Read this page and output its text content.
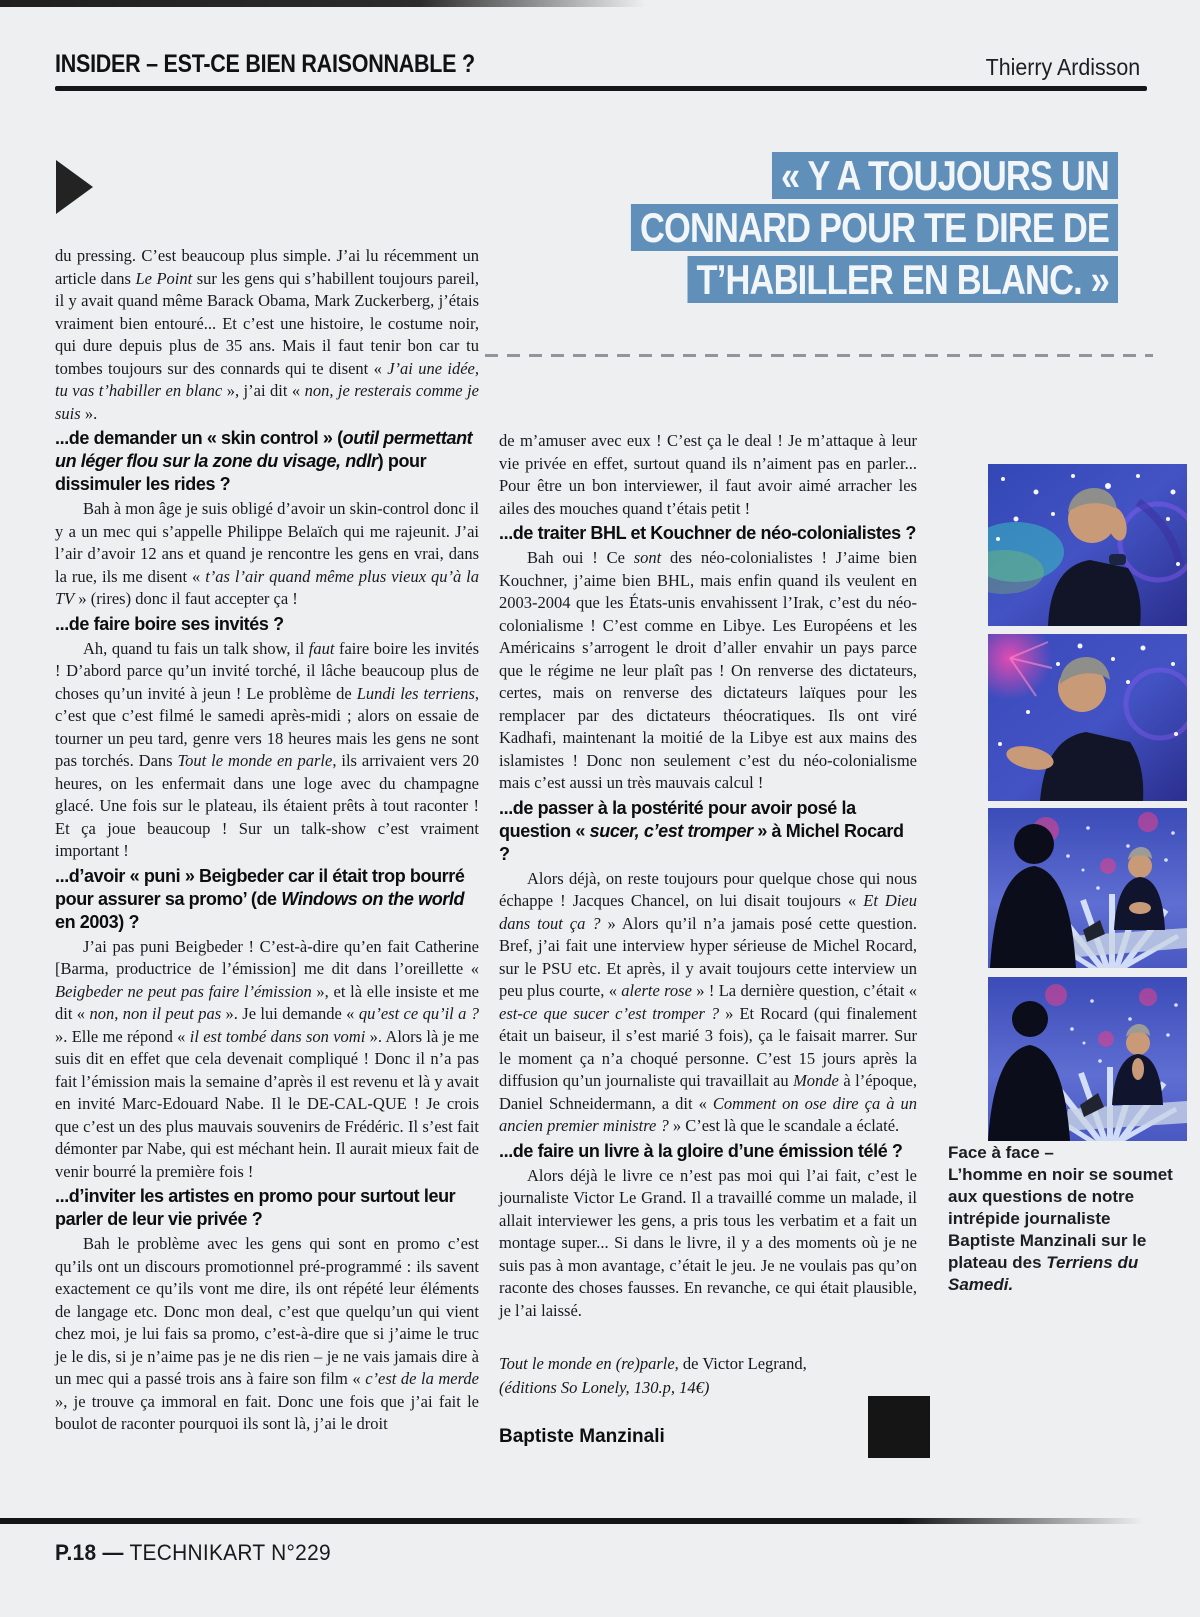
INSIDER – EST-CE BIEN RAISONNABLE ?	Thierry Ardisson
« Y A TOUJOURS UN
CONNARD POUR TE DIRE DE
T’HABILLER EN BLANC. »

du pressing. C’est beaucoup plus simple. J’ai lu récemment un article dans Le Point sur les gens qui s’habillent toujours pareil, il y avait quand même Barack Obama, Mark Zuckerberg, j’étais vraiment bien entouré... Et c’est une histoire, le costume noir, qui dure depuis plus de 35 ans. Mais il faut tenir bon car tu tombes toujours sur des connards qui te disent « J’ai une idée, tu vas t’habiller en blanc », j’ai dit « non, je resterais comme je suis ».

...de demander un « skin control » (outil permettant un léger flou sur la zone du visage, ndlr) pour dissimuler les rides ?

Bah à mon âge je suis obligé d’avoir un skin-control donc il y a un mec qui s’appelle Philippe Belaïch qui me rajeunit. J’ai l’air d’avoir 12 ans et quand je rencontre les gens en vrai, dans la rue, ils me disent « t’as l’air quand même plus vieux qu’à la TV » (rires) donc il faut accepter ça !

...de faire boire ses invités ?

Ah, quand tu fais un talk show, il faut faire boire les invités ! D’abord parce qu’un invité torché, il lâche beaucoup plus de choses qu’un invité à jeun ! Le problème de Lundi les terriens, c’est que c’est filmé le samedi après-midi ; alors on essaie de tourner un peu tard, genre vers 18 heures mais les gens ne sont pas torchés. Dans Tout le monde en parle, ils arrivaient vers 20 heures, on les enfermait dans une loge avec du champagne glacé. Une fois sur le plateau, ils étaient prêts à tout raconter ! Et ça joue beaucoup ! Sur un talk-show c’est vraiment important !

...d’avoir « puni » Beigbeder car il était trop bourré pour assurer sa promo’ (de Windows on the world en 2003) ?

J’ai pas puni Beigbeder ! C’est-à-dire qu’en fait Catherine [Barma, productrice de l’émission] me dit dans l’oreillette « Beigbeder ne peut pas faire l’émission », et là elle insiste et me dit « non, non il peut pas ». Je lui demande « qu’est ce qu’il a ? ». Elle me répond « il est tombé dans son vomi ». Alors là je me suis dit en effet que cela devenait compliqué ! Donc il n’a pas fait l’émission mais la semaine d’après il est revenu et là y avait en invité Marc-Edouard Nabe. Il le DE-CAL-QUE ! Je crois que c’est un des plus mauvais souvenirs de Frédéric. Il s’est fait démonter par Nabe, qui est méchant hein. Il aurait mieux fait de venir bourré la première fois !

...d’inviter les artistes en promo pour surtout leur parler de leur vie privée ?

Bah le problème avec les gens qui sont en promo c’est qu’ils ont un discours promotionnel pré-programmé : ils savent exactement ce qu’ils vont me dire, ils ont répété leur éléments de langage etc. Donc mon deal, c’est que quelqu’un qui vient chez moi, je lui fais sa promo, c’est-à-dire que si j’aime le truc je le dis, si je n’aime pas je ne dis rien – je ne vais jamais dire à un mec qui a passé trois ans à faire son film « c’est de la merde », je trouve ça immoral en fait. Donc une fois que j’ai fait le boulot de raconter pourquoi ils sont là, j’ai le droit

de m’amuser avec eux ! C’est ça le deal ! Je m’attaque à leur vie privée en effet, surtout quand ils n’aiment pas en parler... Pour être un bon interviewer, il faut avoir aimé arracher les ailes des mouches quand t’étais petit !

...de traiter BHL et Kouchner de néo-colonialistes ?

Bah oui ! Ce sont des néo-colonialistes ! J’aime bien Kouchner, j’aime bien BHL, mais enfin quand ils veulent en 2003-2004 que les États-unis envahissent l’Irak, c’est du néo-colonialisme ! C’est comme en Libye. Les Européens et les Américains s’arrogent le droit d’aller envahir un pays parce que le régime ne leur plaît pas ! On renverse des dictateurs, certes, mais on renverse des dictateurs laïques pour les remplacer par des dictateurs théocratiques. Ils ont viré Kadhafi, maintenant la moitié de la Libye est aux mains des islamistes ! Donc non seulement c’est du néo-colonialisme mais c’est aussi un très mauvais calcul !

...de passer à la postérité pour avoir posé la question « sucer, c’est tromper » à Michel Rocard ?

Alors déjà, on reste toujours pour quelque chose qui nous échappe ! Jacques Chancel, on lui disait toujours « Et Dieu dans tout ça ? » Alors qu’il n’a jamais posé cette question. Bref, j’ai fait une interview hyper sérieuse de Michel Rocard, sur le PSU etc. Et après, il y avait toujours cette interview un peu plus courte, « alerte rose » ! La dernière question, c’était « est-ce que sucer c’est tromper ? » Et Rocard (qui finalement était un baiseur, il s’est marié 3 fois), ça le faisait marrer. Sur le moment ça n’a choqué personne. C’est 15 jours après la diffusion qu’un journaliste qui travaillait au Monde à l’époque, Daniel Schneidermann, a dit « Comment on ose dire ça à un ancien premier ministre ? » C’est là que le scandale a éclaté.

...de faire un livre à la gloire d’une émission télé ?

Alors déjà le livre ce n’est pas moi qui l’ai fait, c’est le journaliste Victor Le Grand. Il a travaillé comme un malade, il allait interviewer les gens, a pris tous les verbatim et a fait un montage super... Si dans le livre, il y a des moments où je ne suis pas à mon avantage, c’était le jeu. Je ne voulais pas qu’on raconte des choses fausses. En revanche, ce qui était plausible, je l’ai laissé.

Tout le monde en (re)parle, de Victor Legrand,

(éditions So Lonely, 130.p, 14€)

Baptiste Manzinali

Face à face –
L’homme en noir se soumet aux questions de notre intrépide journaliste Baptiste Manzinali sur le plateau des Terriens du Samedi.
P.18 — TECHNIKART N°229
